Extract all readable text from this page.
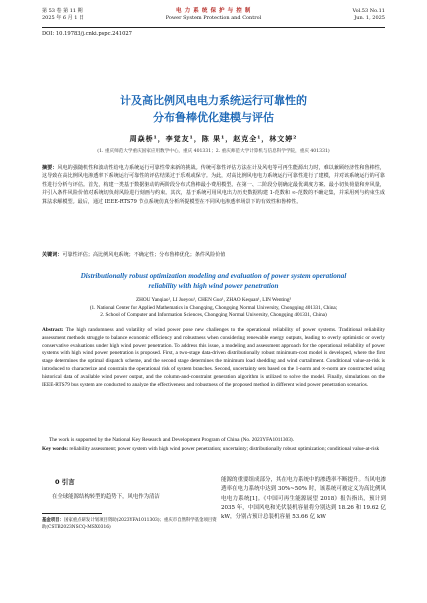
第 53 卷 第 11 期
2025 年 6 月 1 日
电 力 系 统 保 护 与 控 制
Power System Protection and Control
Vol.53 No.11
Jun. 1, 2025
DOI: 10.19783/j.cnki.pspc.241027
计及高比例风电电力系统运行可靠性的
分布鲁棒优化建模与评估
周焱桥¹，李觉友¹，陈 果¹，赵克全¹，林文婷²
(1. 重庆师范大学重庆国家应用数学中心，重庆 401331；2. 重庆师范大学计算机与信息科学学院，重庆 401331)
摘要：风电的强随机性和波动性给电力系统运行可靠性带来新的挑战。传统可靠性评估方法在计及风电等可再生能源出力时，难以兼顾经济性和鲁棒性，这导致在高比例风电渗透率下系统运行可靠性的评估结果过于乐观或保守。为此，对高比例风电电力系统运行可靠性进行了建模，并对该系统运行的可靠性进行分析与评估。首先，构建一类基于数据驱动的两阶段分布式鲁棒最小费用模型。在第一、二阶段分别确定最优调度方案、最小切负荷量和弃风量，并引入条件风险价值对系统切负荷风险进行刻画与约束。其次，基于系统可用风电出力历史数据构建 1-范数和 ∞-范数的不确定集，并采用列与约束生成算法求解模型。最后，通过 IEEE-RTS79 节点系统仿真分析所提模型在不同风电渗透率场景下的有效性和鲁棒性。
关键词：可靠性评估；高比例风电系统；不确定性；分布鲁棒优化；条件风险价值
Distributionally robust optimization modeling and evaluation of power system operational
reliability with high wind power penetration
ZHOU Yanqiao¹, LI Jueyou¹, CHEN Guo¹, ZHAO Kequan¹, LIN Wenting²
(1. National Center for Applied Mathematics in Chongqing, Chongqing Normal University, Chongqing 401331, China;
2. School of Computer and Information Sciences, Chongqing Normal University, Chongqing 401331, China)
Abstract: The high randomness and volatility of wind power pose new challenges to the operational reliability of power systems. Traditional reliability assessment methods struggle to balance economic efficiency and robustness when considering renewable energy outputs, leading to overly optimistic or overly conservative evaluations under high wind power penetration. To address this issue, a modeling and assessment approach for the operational reliability of power systems with high wind power penetration is proposed. First, a two-stage data-driven distributionally robust minimum-cost model is developed, where the first stage determines the optimal dispatch scheme, and the second stage determines the minimum load shedding and wind curtailment. Conditional value-at-risk is introduced to characterize and constrain the operational risk of system branches. Second, uncertainty sets based on the 1-norm and ∞-norm are constructed using historical data of available wind power output, and the column-and-constraint generation algorithm is utilized to solve the model. Finally, simulations on the IEEE-RTS79 bus system are conducted to analyze the effectiveness and robustness of the proposed method in different wind power penetration scenarios.
The work is supported by the National Key Research and Development Program of China (No. 2023YFA1011303).
Key words: reliability assessment; power system with high wind power penetration; uncertainty; distributionally robust optimization; conditional value-at-risk
0 引言
在全球能源结构转型的趋势下，风电作为清洁
基金项目：国家重点研发计划项目资助(2023YFA1011303)；重庆市自然科学基金项目资助(CSTB2023NSCQ-MSX0316)
能源的重要组成部分，其在电力系统中的渗透率不断提升。当风电渗透率在电力系统中达到 30%~50% 时，该系统可被定义为高比例风电电力系统[1]。《中国可再生能源展望 2018》报告指出，预计到 2035 年，中国风电和光伏装机容量将分别达到 18.26 和 19.62 亿 kW，分别占预计总装机容量 53.66 亿 kW
